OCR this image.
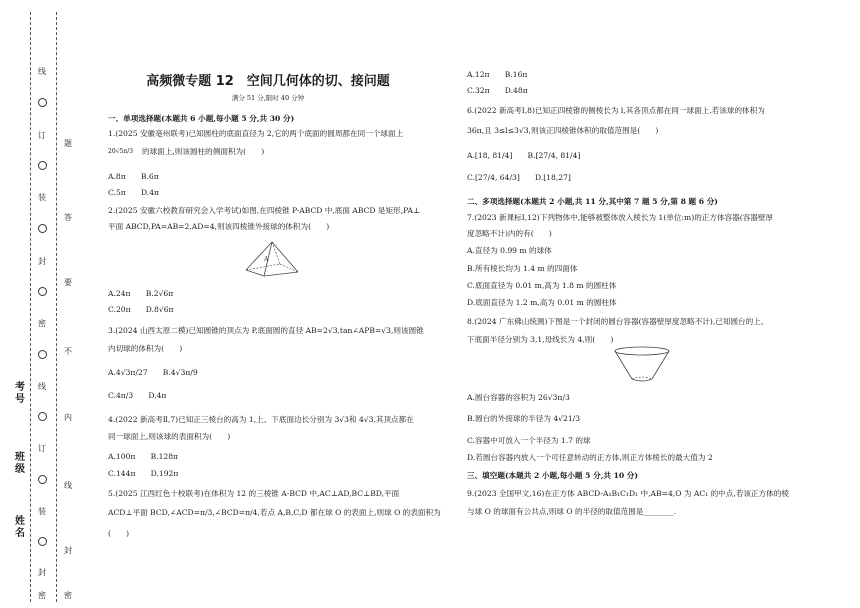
线
订
装
封
密
线
订
装
封
密
题
答
要
不
内
线
封
密
考号
班级
姓名
高频微专题 12　空间几何体的切、接问题
满分 51 分,限时 40 分钟
一、单项选择题(本题共 6 小题,每小题 5 分,共 30 分)
1.(2025 安徽亳州联考)已知圆柱的底面直径为 2,它的两个底面的圆周都在同一个球面上
20√5π/3 的球面上,则该圆柱的侧面积为(　　)
A.8π　　B.6π
C.5π　　D.4π
2.(2025 安徽六校教育研究会入学考试)如图,在四棱锥 P-ABCD 中,底面 ABCD 是矩形,PA⊥
平面 ABCD,PA=AB=2,AD=4,则该四棱锥外接球的体积为(　　)
A
A.24π　　B.2√6π
C.20π　　D.8√6π
3.(2024 山西太原二模)已知圆锥的顶点为 P,底面圆的直径 AB=2√3,tan∠APB=√3,则该圆锥
内切球的体积为(　　)
A.4√3π/27　　B.4√3π/9
C.4π/3　　D.4π
4.(2022 新高考Ⅱ,7)已知正三棱台的高为 1,上、下底面边长分别为 3√3和 4√3,其顶点都在
同一球面上,则该球的表面积为(　　)
A.100π　　B.128π
C.144π　　D.192π
5.(2025 江西红色十校联考)在体积为 12 的三棱锥 A-BCD 中,AC⊥AD,BC⊥BD,平面
ACD⊥平面 BCD,∠ACD=π/3,∠BCD=π/4,若点 A,B,C,D 都在球 O 的表面上,则球 O 的表面积为
(　　)
A.12π　　B.16π
C.32π　　D.48π
6.(2022 新高考Ⅰ,8)已知正四棱锥的侧棱长为 l,其各顶点都在同一球面上.若该球的体积为
36π,且 3≤l≤3√3,则该正四棱锥体积的取值范围是(　　)
A.[18, 81/4]　　B.[27/4, 81/4]
C.[27/4, 64/3]　　D.[18,27]
二、多项选择题(本题共 2 小题,共 11 分,其中第 7 题 5 分,第 8 题 6 分)
7.(2023 新课标Ⅰ,12)下列物体中,能够被整体放入棱长为 1(单位:m)的正方体容器(容器壁厚
度忽略不计)内的有(　　)
A.直径为 0.99 m 的球体
B.所有棱长均为 1.4 m 的四面体
C.底面直径为 0.01 m,高为 1.8 m 的圆柱体
D.底面直径为 1.2 m,高为 0.01 m 的圆柱体
8.(2024 广东佛山统测)下图是一个封闭的圆台容器(容器壁厚度忽略不计),已知圆台的上、
下底面半径分别为 3,1,母线长为 4,则(　　)
A.圆台容器的容积为 26√3π/3
B.圆台的外接球的半径为 4√21/3
C.容器中可放入一个半径为 1.7 的球
D.若圆台容器内放入一个可任意转动的正方体,则正方体棱长的最大值为 2
三、填空题(本题共 2 小题,每小题 5 分,共 10 分)
9.(2023 全国甲文,16)在正方体 ABCD-A₁B₁C₁D₁ 中,AB=4,O 为 AC₁ 的中点,若该正方体的棱
与球 O 的球面有公共点,则球 O 的半径的取值范围是________.
